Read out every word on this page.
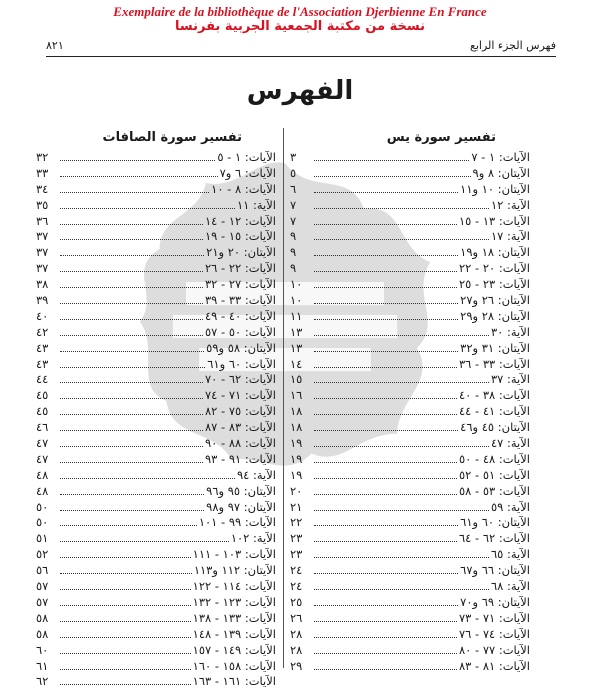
Exemplaire de la bibliothèque de l'Association Djerbienne En France
نسخة من مكتبة الجمعية الجربية بفرنسا
فهرس الجزء الرابع
٨٢١
الفهرس
تفسير سورة يس
الآيات: ١ - ٧
٣
الآيتان: ٨ و٩
٥
الآيتان: ١٠ و١١
٦
الآية: ١٢
٧
الآيات: ١٣ - ١٥
٧
الآية: ١٧
٩
الآيتان: ١٨ و١٩
٩
الآيات: ٢٠ - ٢٢
٩
الآيات: ٢٣ - ٢٥
١٠
الآيتان: ٢٦ و٢٧
١٠
الآيتان: ٢٨ و٢٩
١١
الآية: ٣٠
١٣
الآيتان: ٣١ و٣٢
١٣
الآيات: ٣٣ - ٣٦
١٤
الآية: ٣٧
١٥
الآيات: ٣٨ - ٤٠
١٦
الآيات: ٤١ - ٤٤
١٨
الآيتان: ٤٥ و٤٦
١٨
الآية: ٤٧
١٩
الآيات: ٤٨ - ٥٠
١٩
الآيات: ٥١ - ٥٢
١٩
الآيات: ٥٣ - ٥٨
٢٠
الآية: ٥٩
٢١
الآيتان: ٦٠ و٦١
٢٢
الآيات: ٦٢ - ٦٤
٢٣
الآية: ٦٥
٢٣
الآيتان: ٦٦ و٦٧
٢٤
الآية: ٦٨
٢٤
الآيتان: ٦٩ و٧٠
٢٥
الآيات: ٧١ - ٧٣
٢٦
الآيات: ٧٤ - ٧٦
٢٨
الآيات: ٧٧ - ٨٠
٢٨
الآيات: ٨١ - ٨٣
٢٩
تفسير سورة الصافات
الآيات: ١ - ٥
٣٢
الآيات: ٦ و٧
٣٣
الآيات: ٨ - ١٠
٣٤
الآية: ١١
٣٥
الآيات: ١٢ - ١٤
٣٦
الآيات: ١٥ - ١٩
٣٧
الآيتان: ٢٠ و٢١
٣٧
الآيات: ٢٢ - ٢٦
٣٧
الآيات: ٢٧ - ٣٢
٣٨
الآيات: ٣٣ - ٣٩
٣٩
الآيات: ٤٠ - ٤٩
٤٠
الآيات: ٥٠ - ٥٧
٤٢
الآيتان: ٥٨ و٥٩
٤٣
الآيات: ٦٠ و٦١
٤٣
الآيات: ٦٢ - ٧٠
٤٤
الآيات: ٧١ - ٧٤
٤٥
الآيات: ٧٥ - ٨٢
٤٥
الآيات: ٨٣ - ٨٧
٤٦
الآيات: ٨٨ - ٩٠
٤٧
الآيات: ٩١ - ٩٣
٤٧
الآية: ٩٤
٤٨
الآيتان: ٩٥ و٩٦
٤٨
الآيتان: ٩٧ و٩٨
٥٠
الآيات: ٩٩ - ١٠١
٥٠
الآية: ١٠٢
٥١
الآيات: ١٠٣ - ١١١
٥٢
الآيتان: ١١٢ و١١٣
٥٦
الآيات: ١١٤ - ١٢٢
٥٧
الآيات: ١٢٣ - ١٣٢
٥٧
الآيات: ١٣٣ - ١٣٨
٥٨
الآيات: ١٣٩ - ١٤٨
٥٨
الآيات: ١٤٩ - ١٥٧
٦٠
الآيات: ١٥٨ - ١٦٠
٦١
الآيات: ١٦١ - ١٦٣
٦٢
